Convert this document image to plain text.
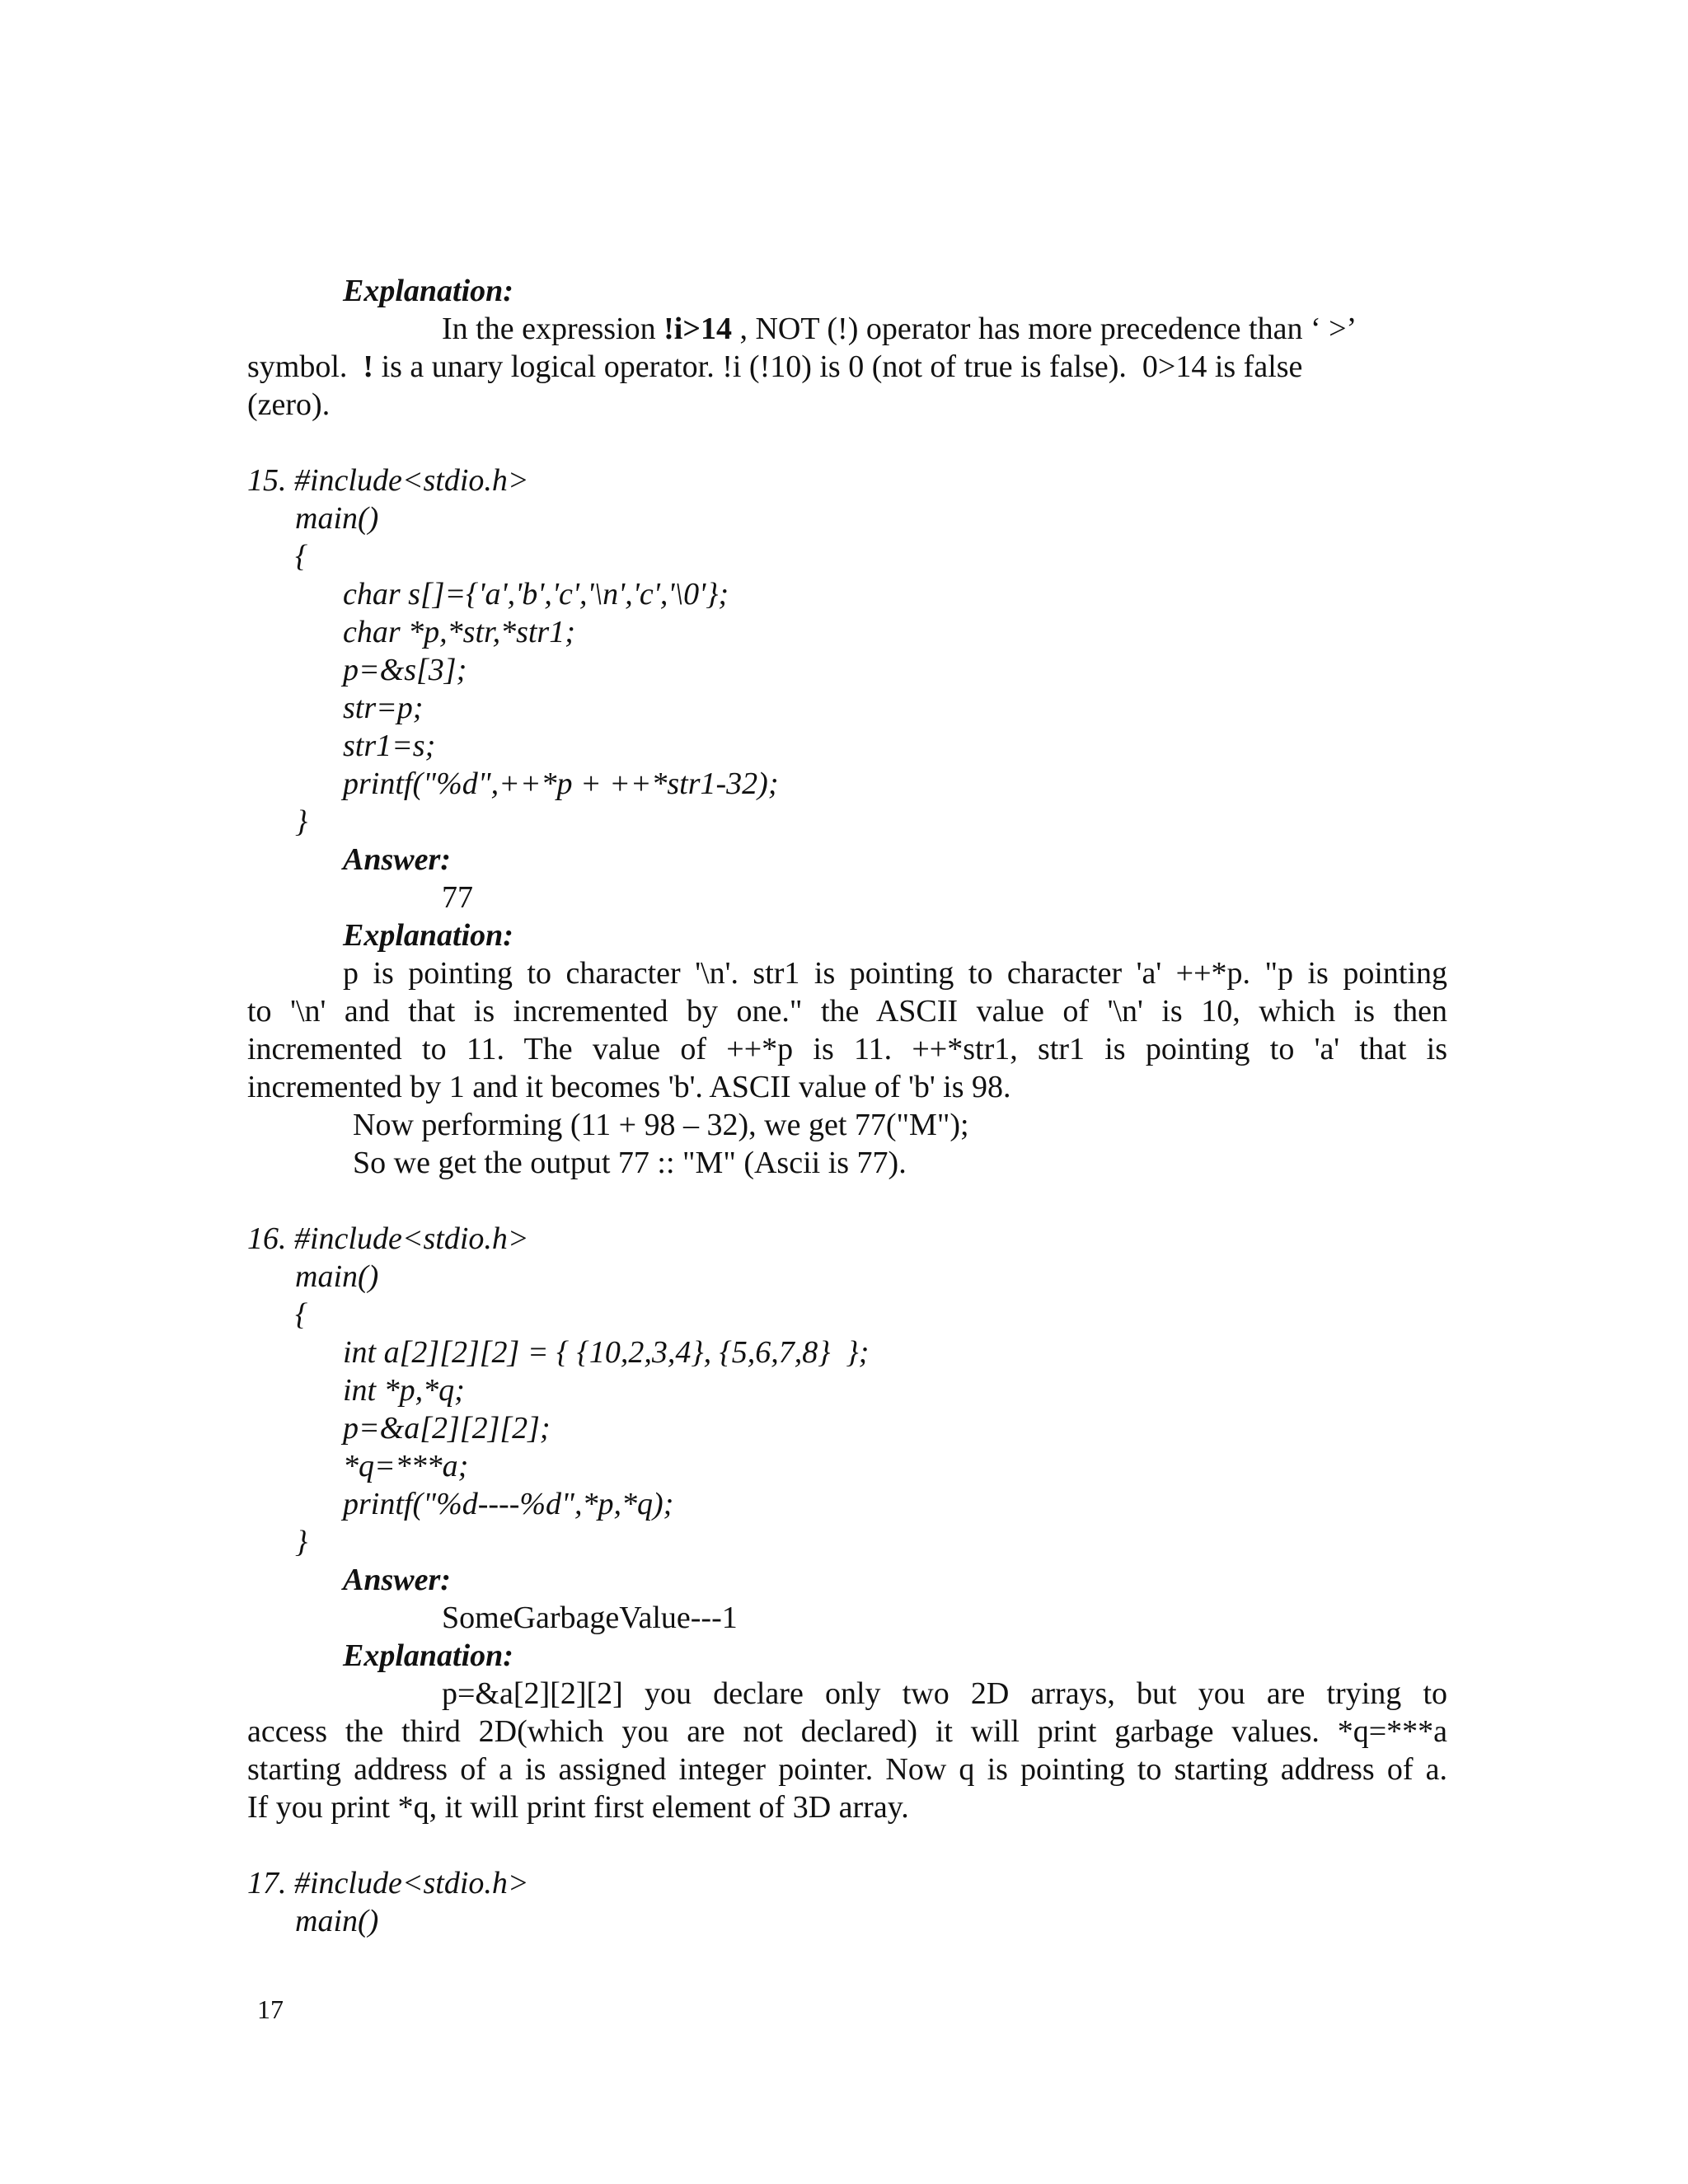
Explanation:
In the expression !i>14 , NOT (!) operator has more precedence than ‘ >’
symbol.  ! is a unary logical operator. !i (!10) is 0 (not of true is false).  0>14 is false
(zero).
15. #include<stdio.h>
main()
{
char s[]={'a','b','c','\n','c','\0'};
char *p,*str,*str1;
p=&s[3];
str=p;
str1=s;
printf("%d",++*p + ++*str1-32);
}
Answer:
77
Explanation:
p is pointing to character '\n'. str1 is pointing to character 'a' ++*p. "p is pointing
to '\n' and that is incremented by one." the ASCII value of '\n' is 10, which is then
incremented to 11. The value of ++*p is 11. ++*str1, str1 is pointing to 'a' that is
incremented by 1 and it becomes 'b'. ASCII value of 'b' is 98.
Now performing (11 + 98 – 32), we get 77("M");
So we get the output 77 :: "M" (Ascii is 77).
16. #include<stdio.h>
main()
{
int a[2][2][2] = { {10,2,3,4}, {5,6,7,8}  };
int *p,*q;
p=&a[2][2][2];
*q=***a;
printf("%d----%d",*p,*q);
}
Answer:
SomeGarbageValue---1
Explanation:
p=&a[2][2][2] you declare only two 2D arrays, but you are trying to
access the third 2D(which you are not declared) it will print garbage values. *q=***a
starting address of a is assigned integer pointer. Now q is pointing to starting address of a.
If you print *q, it will print first element of 3D array.
17. #include<stdio.h>
main()
17
